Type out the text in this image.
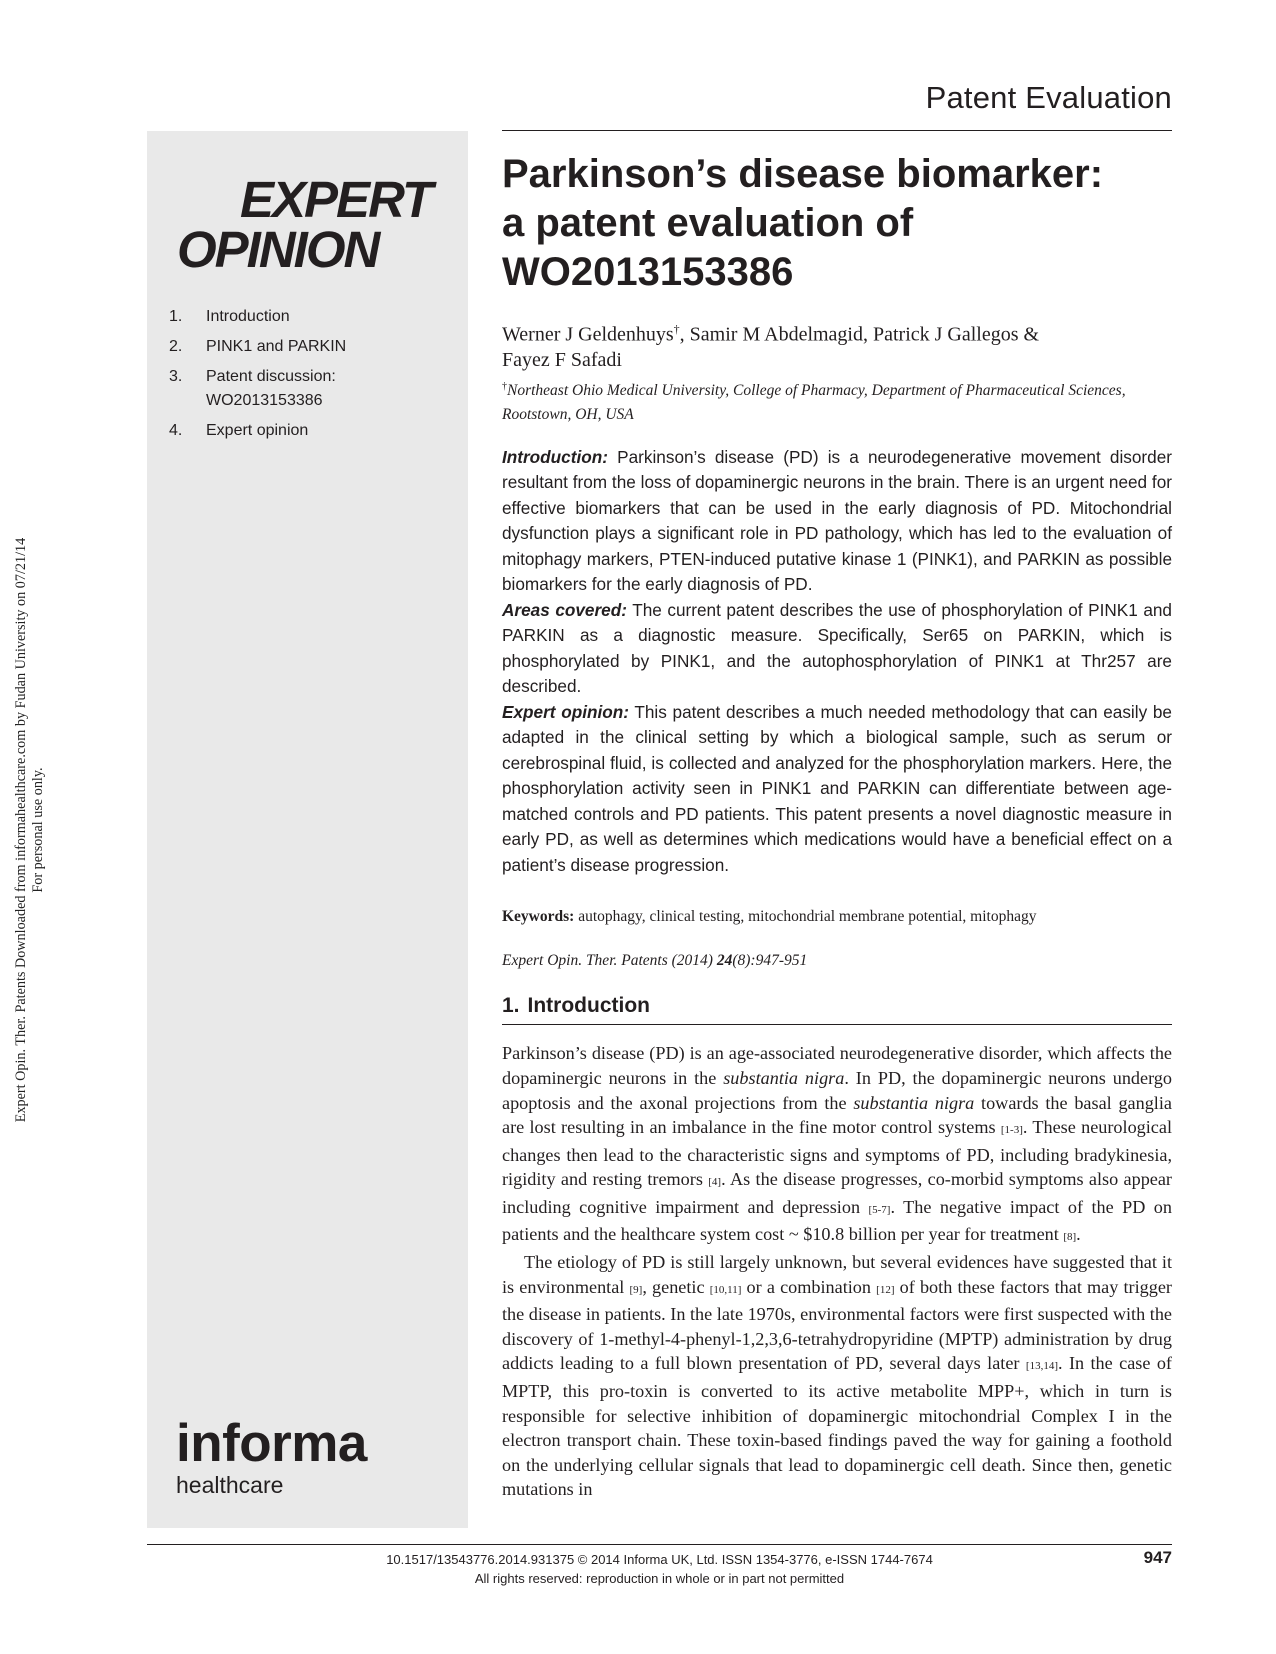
Expert Opin. Ther. Patents Downloaded from informahealthcare.com by Fudan University on 07/21/14 For personal use only.
Patent Evaluation
EXPERT
OPINION
1.	Introduction
2.	PINK1 and PARKIN
3.	Patent discussion: WO2013153386
4.	Expert opinion
informa
healthcare
Parkinson’s disease biomarker:
a patent evaluation of
WO2013153386
Werner J Geldenhuys†, Samir M Abdelmagid, Patrick J Gallegos &
Fayez F Safadi
†Northeast Ohio Medical University, College of Pharmacy, Department of Pharmaceutical Sciences, Rootstown, OH, USA

Introduction: Parkinson’s disease (PD) is a neurodegenerative movement disorder resultant from the loss of dopaminergic neurons in the brain. There is an urgent need for effective biomarkers that can be used in the early diagnosis of PD. Mitochondrial dysfunction plays a significant role in PD pathology, which has led to the evaluation of mitophagy markers, PTEN-induced putative kinase 1 (PINK1), and PARKIN as possible biomarkers for the early diagnosis of PD.

Areas covered: The current patent describes the use of phosphorylation of PINK1 and PARKIN as a diagnostic measure. Specifically, Ser65 on PARKIN, which is phosphorylated by PINK1, and the autophosphorylation of PINK1 at Thr257 are described.

Expert opinion: This patent describes a much needed methodology that can easily be adapted in the clinical setting by which a biological sample, such as serum or cerebrospinal fluid, is collected and analyzed for the phosphorylation markers. Here, the phosphorylation activity seen in PINK1 and PARKIN can differentiate between age-matched controls and PD patients. This patent presents a novel diagnostic measure in early PD, as well as determines which medications would have a beneficial effect on a patient’s disease progression.

Keywords: autophagy, clinical testing, mitochondrial membrane potential, mitophagy
Expert Opin. Ther. Patents (2014) 24(8):947-951
1. Introduction

Parkinson’s disease (PD) is an age-associated neurodegenerative disorder, which affects the dopaminergic neurons in the substantia nigra. In PD, the dopaminergic neurons undergo apoptosis and the axonal projections from the substantia nigra towards the basal ganglia are lost resulting in an imbalance in the fine motor control systems [1-3]. These neurological changes then lead to the characteristic signs and symptoms of PD, including bradykinesia, rigidity and resting tremors [4]. As the disease progresses, co-morbid symptoms also appear including cognitive impairment and depression [5-7]. The negative impact of the PD on patients and the healthcare system cost ~ $10.8 billion per year for treatment [8].

The etiology of PD is still largely unknown, but several evidences have suggested that it is environmental [9], genetic [10,11] or a combination [12] of both these factors that may trigger the disease in patients. In the late 1970s, environmental factors were first suspected with the discovery of 1-methyl-4-phenyl-1,2,3,6-tetrahydropyridine (MPTP) administration by drug addicts leading to a full blown presentation of PD, several days later [13,14]. In the case of MPTP, this pro-toxin is converted to its active metabolite MPP+, which in turn is responsible for selective inhibition of dopaminergic mitochondrial Complex I in the electron transport chain. These toxin-based findings paved the way for gaining a foothold on the underlying cellular signals that lead to dopaminergic cell death. Since then, genetic mutations in

10.1517/13543776.2014.931375 © 2014 Informa UK, Ltd. ISSN 1354-3776, e-ISSN 1744-7674
All rights reserved: reproduction in whole or in part not permitted
947
